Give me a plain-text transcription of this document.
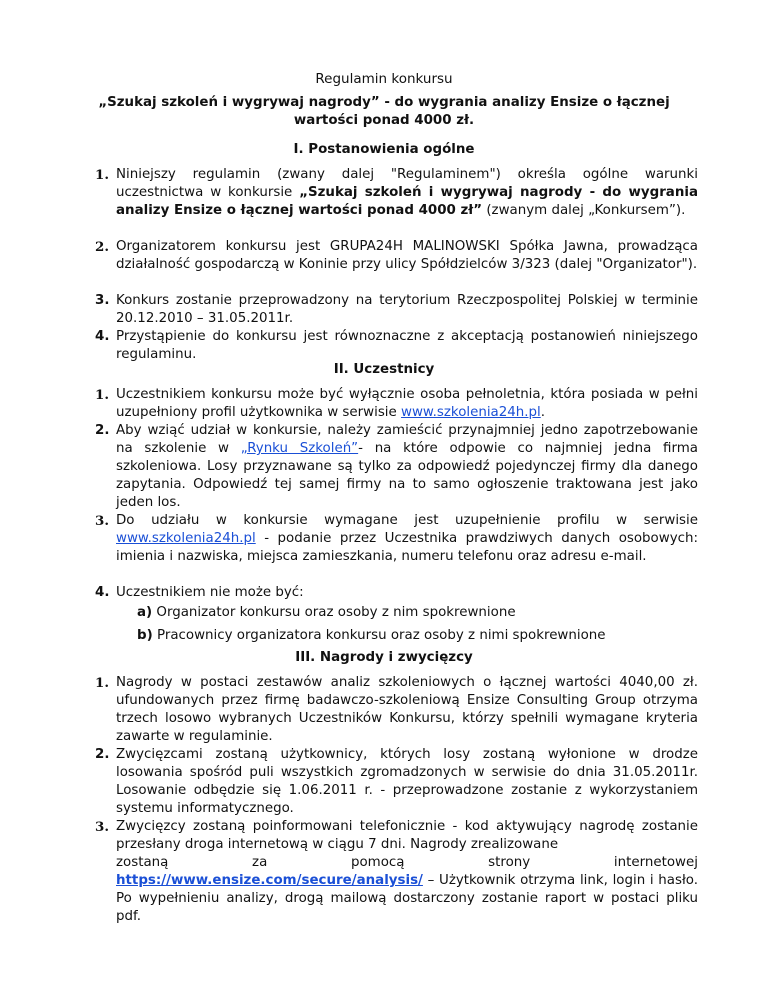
Regulamin konkursu
„Szukaj szkoleń i wygrywaj nagrody” - do wygrania analizy Ensize o łącznej
wartości ponad 4000 zł.
I. Postanowienia ogólne
1. Niniejszy regulamin (zwany dalej "Regulaminem") określa ogólne warunki uczestnictwa w konkursie „Szukaj szkoleń i wygrywaj nagrody - do wygrania analizy Ensize o łącznej wartości ponad 4000 zł” (zwanym dalej „Konkursem”).
2. Organizatorem konkursu jest GRUPA24H MALINOWSKI Spółka Jawna, prowadząca działalność gospodarczą w Koninie przy ulicy Spółdzielców 3/323 (dalej "Organizator").
3. Konkurs zostanie przeprowadzony na terytorium Rzeczpospolitej Polskiej w terminie 20.12.2010 – 31.05.2011r.
4. Przystąpienie do konkursu jest równoznaczne z akceptacją postanowień niniejszego regulaminu.
II. Uczestnicy
1. Uczestnikiem konkursu może być wyłącznie osoba pełnoletnia, która posiada w pełni uzupełniony profil użytkownika w serwisie www.szkolenia24h.pl.
2. Aby wziąć udział w konkursie, należy zamieścić przynajmniej jedno zapotrzebowanie na szkolenie w „Rynku Szkoleń”- na które odpowie co najmniej jedna firma szkoleniowa. Losy przyznawane są tylko za odpowiedź pojedynczej firmy dla danego zapytania. Odpowiedź tej samej firmy na to samo ogłoszenie traktowana jest jako jeden los.
3. Do udziału w konkursie wymagane jest uzupełnienie profilu w serwisie www.szkolenia24h.pl - podanie przez Uczestnika prawdziwych danych osobowych: imienia i nazwiska, miejsca zamieszkania, numeru telefonu oraz adresu e-mail.
4. Uczestnikiem nie może być:
a) Organizator konkursu oraz osoby z nim spokrewnione
b) Pracownicy organizatora konkursu oraz osoby z nimi spokrewnione
III. Nagrody i zwycięzcy
1. Nagrody w postaci zestawów analiz szkoleniowych o łącznej wartości 4040,00 zł. ufundowanych przez firmę badawczo-szkoleniową Ensize Consulting Group otrzyma trzech losowo wybranych Uczestników Konkursu, którzy spełnili wymagane kryteria zawarte w regulaminie.
2. Zwycięzcami zostaną użytkownicy, których losy zostaną wyłonione w drodze losowania spośród puli wszystkich zgromadzonych w serwisie do dnia 31.05.2011r. Losowanie odbędzie się 1.06.2011 r. - przeprowadzone zostanie z wykorzystaniem systemu informatycznego.
3. Zwycięzcy zostaną poinformowani telefonicznie - kod aktywujący nagrodę zostanie przesłany droga internetową w ciągu 7 dni. Nagrody zrealizowane
zostaną	za	pomocą	strony	internetowej
https://www.ensize.com/secure/analysis/ – Użytkownik otrzyma link, login i hasło. Po wypełnieniu analizy, drogą mailową dostarczony zostanie raport w postaci pliku pdf.
